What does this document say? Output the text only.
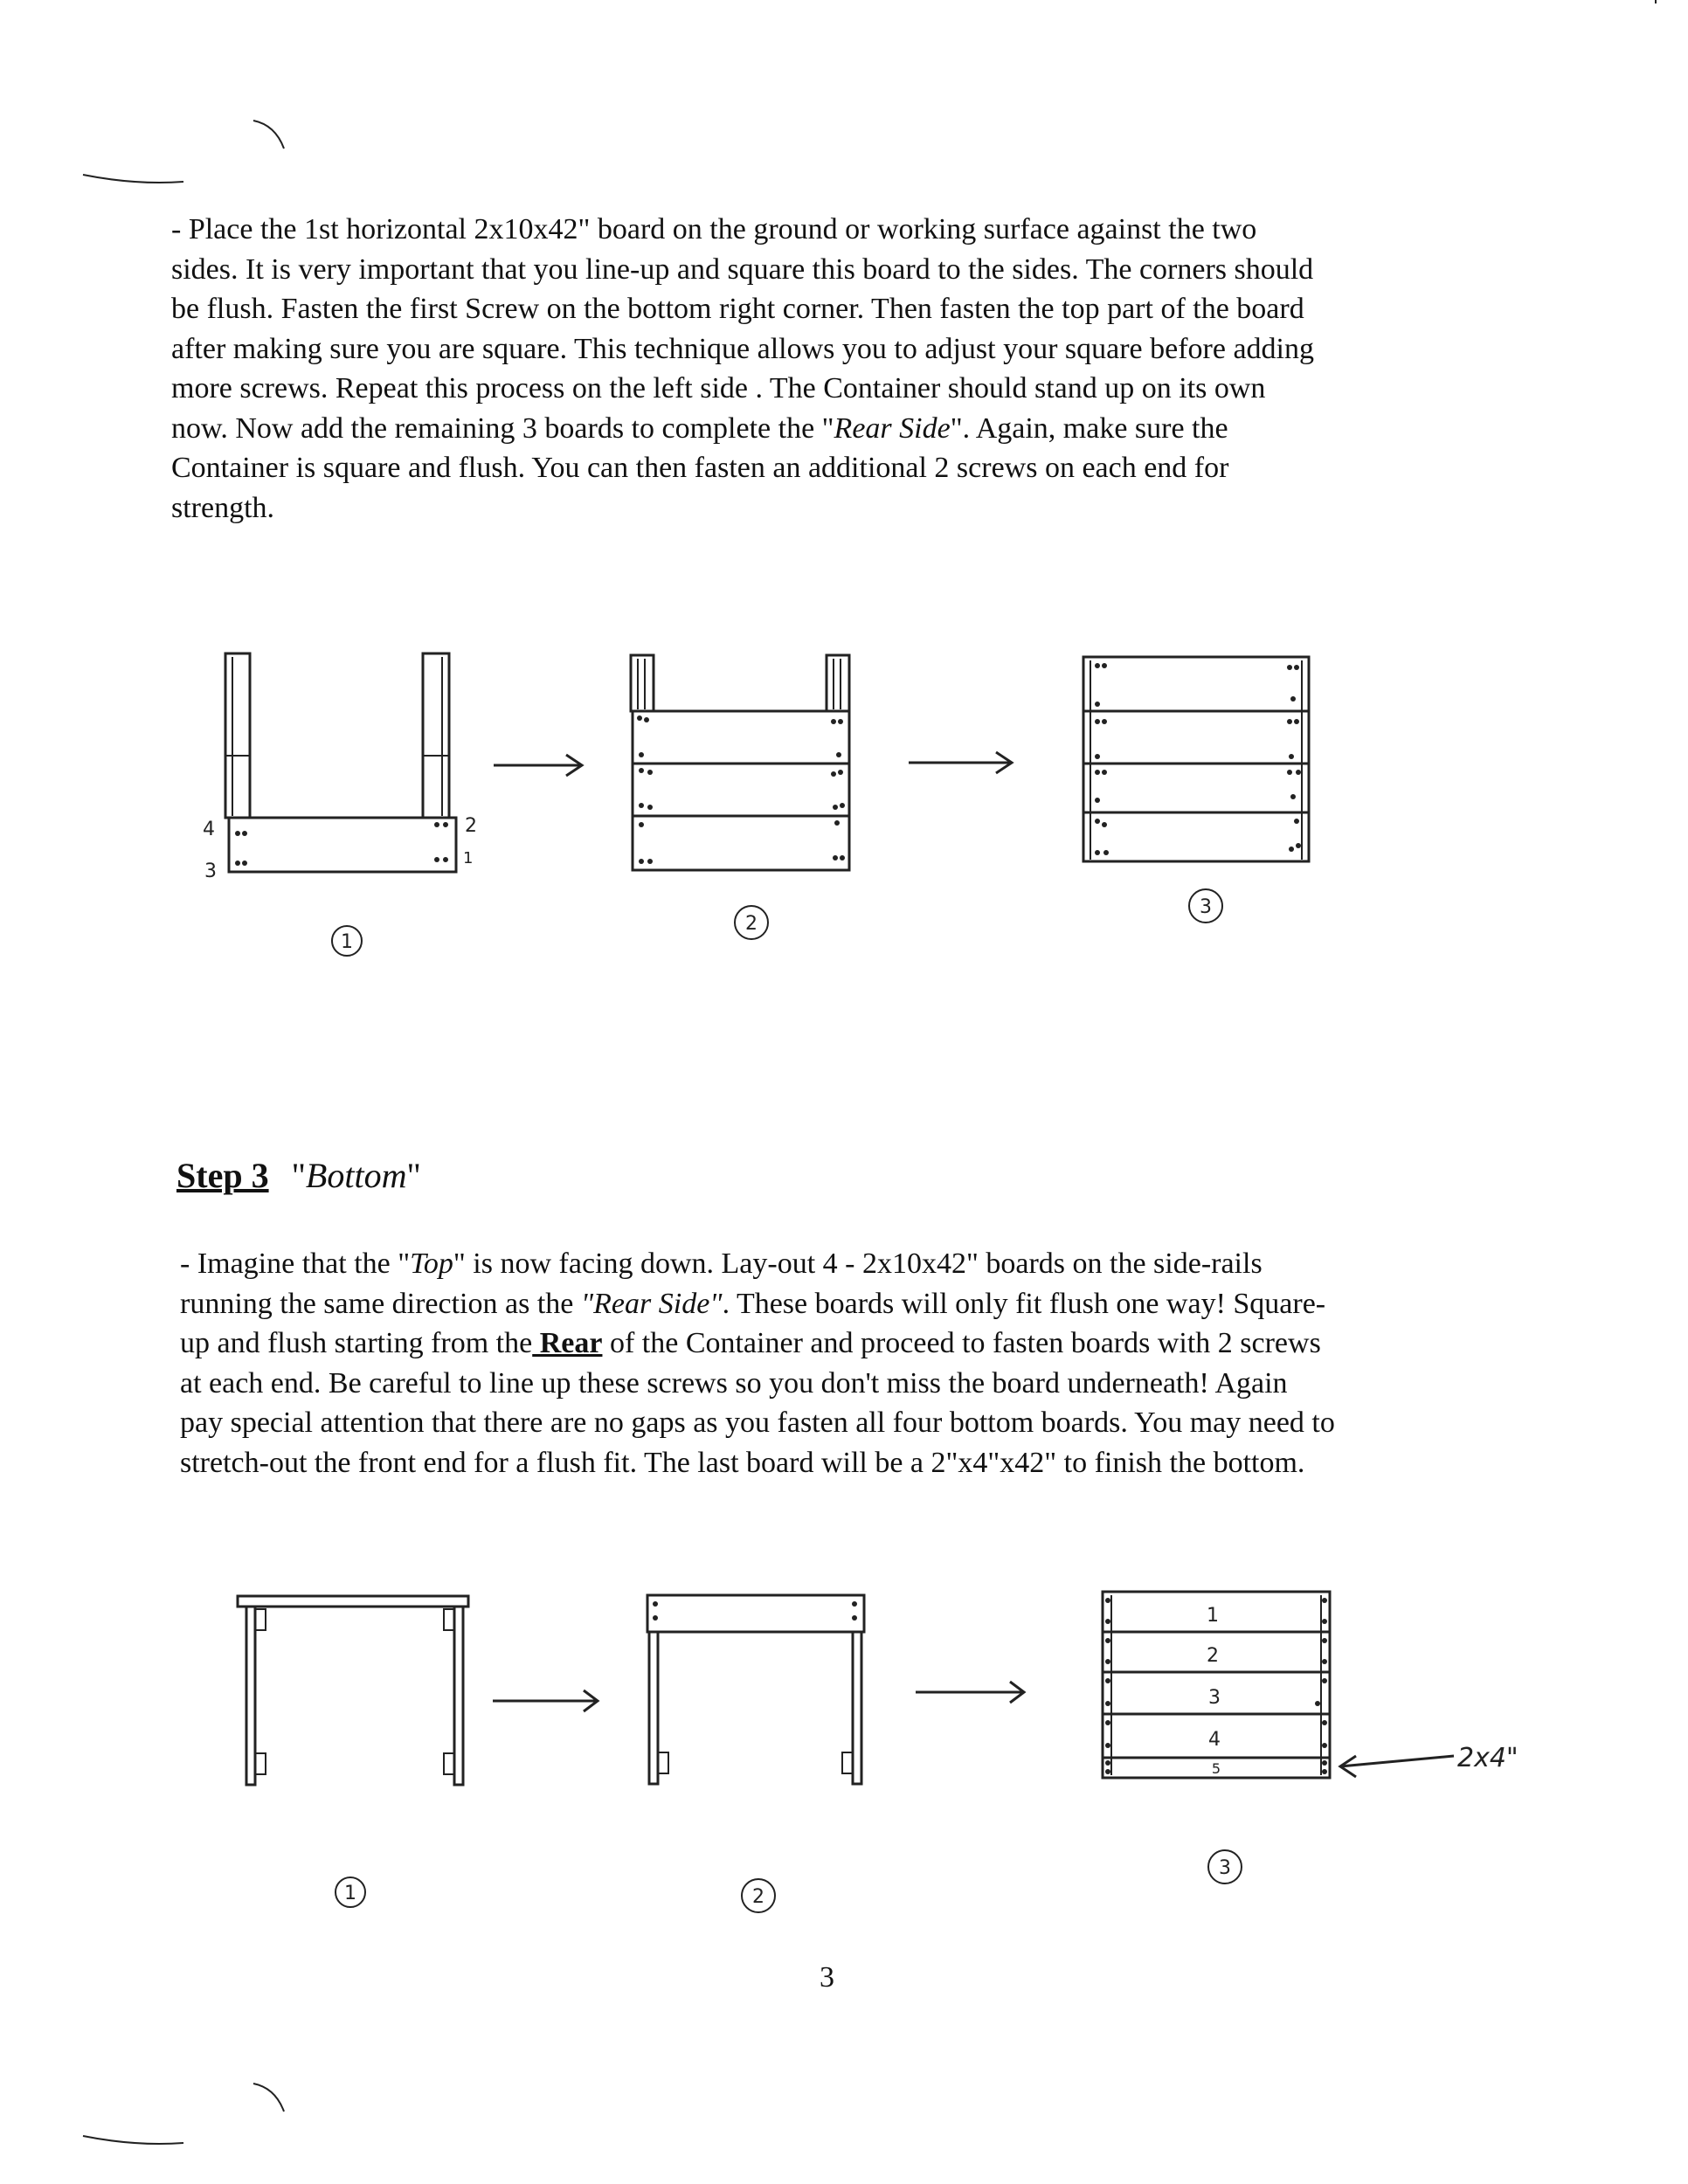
- Place the 1st horizontal 2x10x42" board on the ground or working surface against the two
sides. It is very important that you line-up and square this board to the sides. The corners should
be flush. Fasten the first Screw on the bottom right corner. Then fasten the top part of the board
after making sure you are square. This technique allows you to adjust your square before adding
more screws. Repeat this process on the left side . The Container should stand up on its own
now. Now add the remaining 3 boards to complete the "Rear Side". Again, make sure the
Container is square and flush. You can then fasten an additional 2 screws on each end for
strength.

Step 3 "Bottom"

- Imagine that the "Top" is now facing down. Lay-out 4 - 2x10x42" boards on the side-rails
running the same direction as the "Rear Side". These boards will only fit flush one way! Square-
up and flush starting from the Rear of the Container and proceed to fasten boards with 2 screws
at each end. Be careful to line up these screws so you don't miss the board underneath! Again
pay special attention that there are no gaps as you fasten all four bottom boards. You may need to
stretch-out the front end for a flush fit. The last board will be a 2"x4"x42" to finish the bottom.

3
4
3
2
1
1
2
3
1	2
1
2
3
4
5	2x4"
3
